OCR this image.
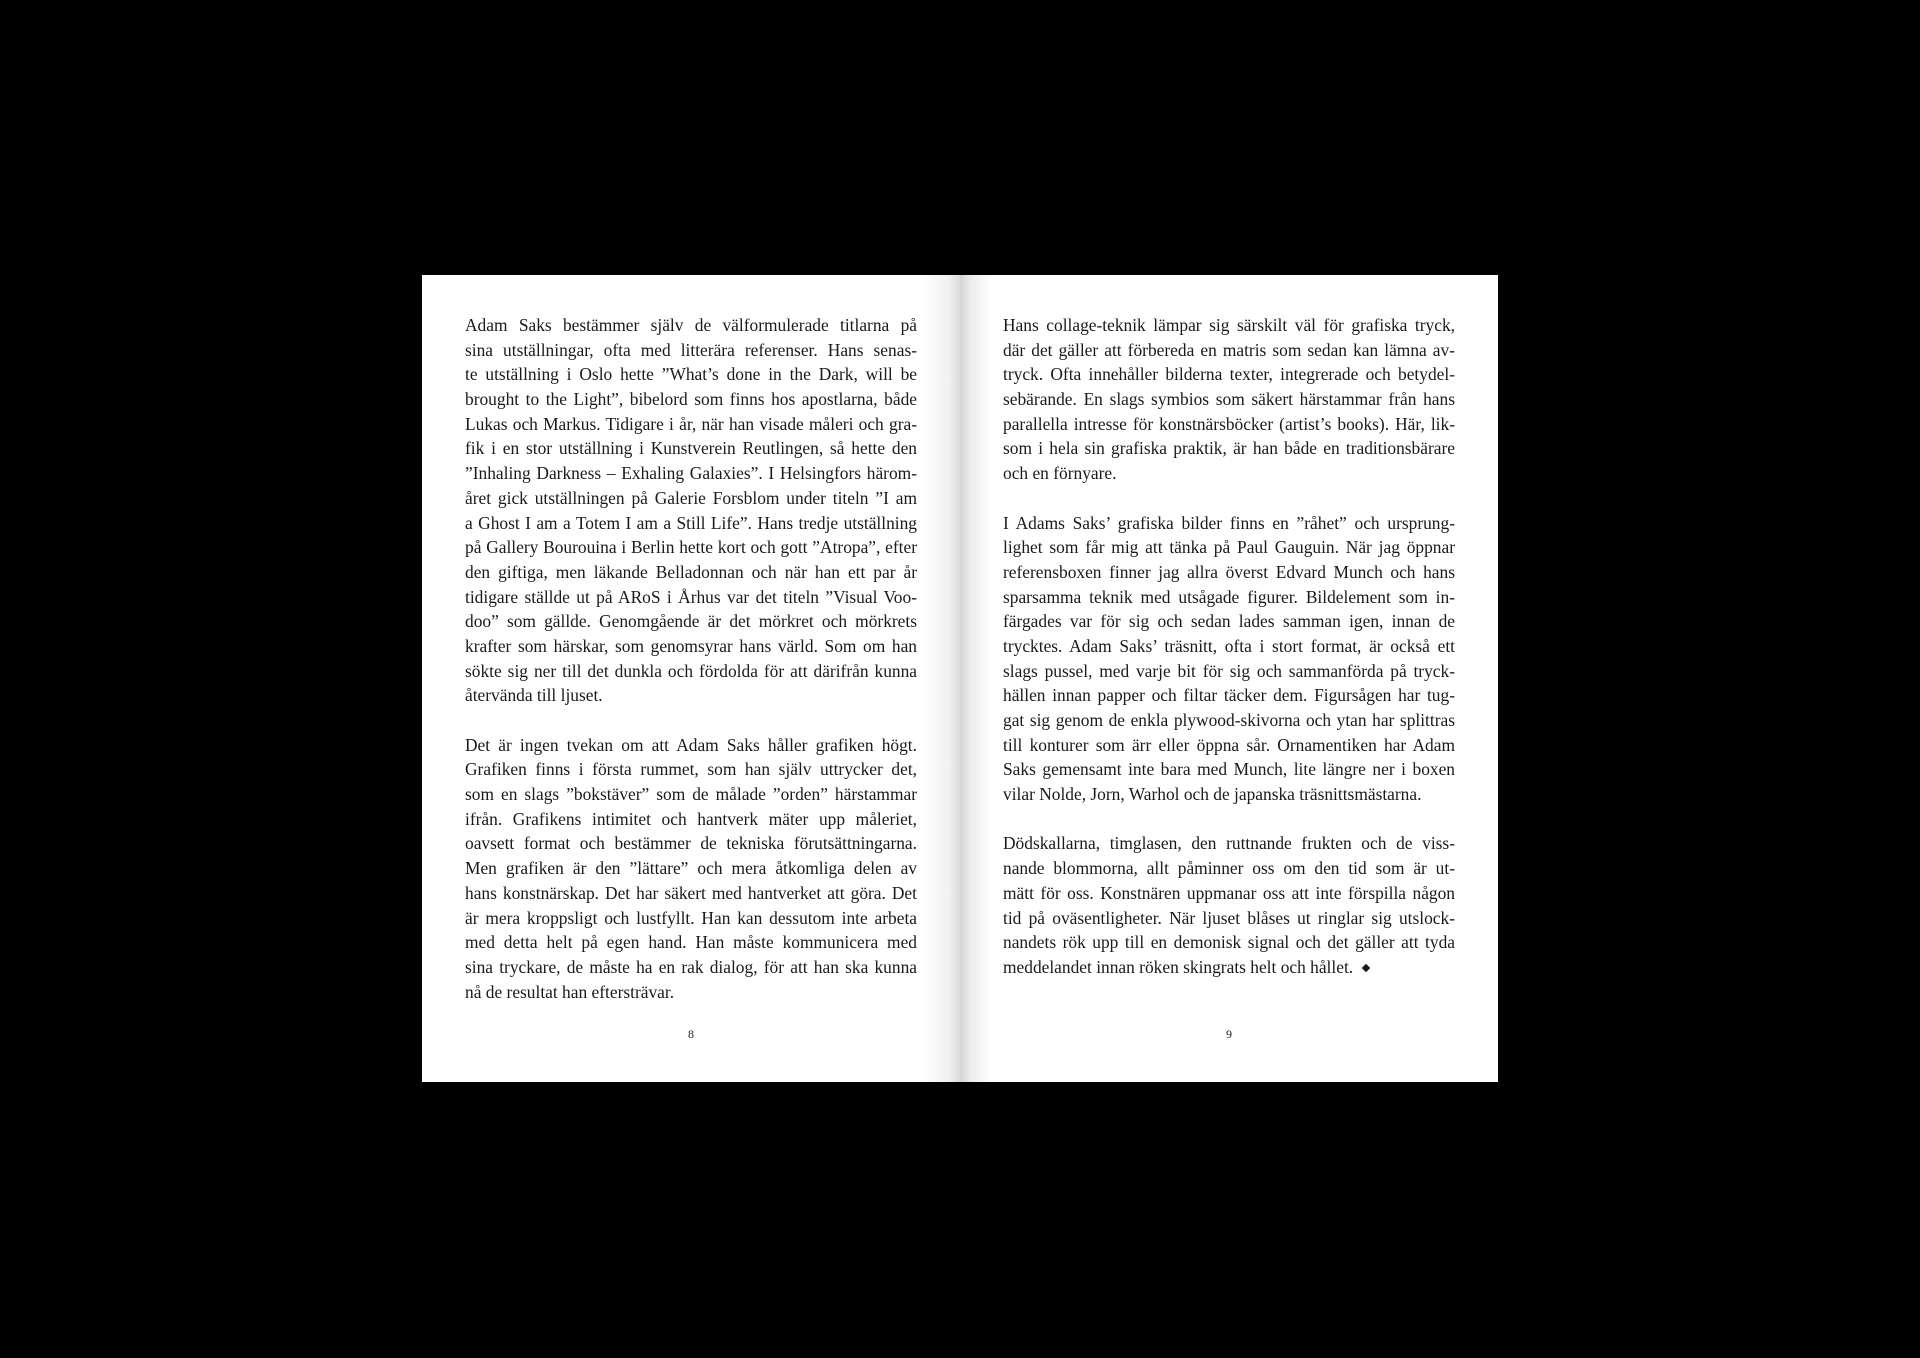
Adam Saks bestämmer själv de välformulerade titlarna på
sina utställningar, ofta med litterära referenser. Hans senas-
te utställning i Oslo hette ”What’s done in the Dark, will be
brought to the Light”, bibelord som finns hos apostlarna, både
Lukas och Markus. Tidigare i år, när han visade måleri och gra-
fik i en stor utställning i Kunstverein Reutlingen, så hette den
”Inhaling Darkness – Exhaling Galaxies”. I Helsingfors härom-
året gick utställningen på Galerie Forsblom under titeln ”I am
a Ghost I am a Totem I am a Still Life”. Hans tredje utställning
på Gallery Bourouina i Berlin hette kort och gott ”Atropa”, efter
den giftiga, men läkande Belladonnan och när han ett par år
tidigare ställde ut på ARoS i Århus var det titeln ”Visual Voo-
doo” som gällde. Genomgående är det mörkret och mörkrets
krafter som härskar, som genomsyrar hans värld. Som om han
sökte sig ner till det dunkla och fördolda för att därifrån kunna
återvända till ljuset.
Det är ingen tvekan om att Adam Saks håller grafiken högt.
Grafiken finns i första rummet, som han själv uttrycker det,
som en slags ”bokstäver” som de målade ”orden” härstammar
ifrån. Grafikens intimitet och hantverk mäter upp måleriet,
oavsett format och bestämmer de tekniska förutsättningarna.
Men grafiken är den ”lättare” och mera åtkomliga delen av
hans konstnärskap. Det har säkert med hantverket att göra. Det
är mera kroppsligt och lustfyllt. Han kan dessutom inte arbeta
med detta helt på egen hand. Han måste kommunicera med
sina tryckare, de måste ha en rak dialog, för att han ska kunna
nå de resultat han eftersträvar.
8
Hans collage-teknik lämpar sig särskilt väl för grafiska tryck,
där det gäller att förbereda en matris som sedan kan lämna av-
tryck. Ofta innehåller bilderna texter, integrerade och betydel-
sebärande. En slags symbios som säkert härstammar från hans
parallella intresse för konstnärsböcker (artist’s books). Här, lik-
som i hela sin grafiska praktik, är han både en traditionsbärare
och en förnyare.
I Adams Saks’ grafiska bilder finns en ”råhet” och ursprung-
lighet som får mig att tänka på Paul Gauguin. När jag öppnar
referensboxen finner jag allra överst Edvard Munch och hans
sparsamma teknik med utsågade figurer. Bildelement som in-
färgades var för sig och sedan lades samman igen, innan de
trycktes. Adam Saks’ träsnitt, ofta i stort format, är också ett
slags pussel, med varje bit för sig och sammanförda på tryck-
hällen innan papper och filtar täcker dem. Figursågen har tug-
gat sig genom de enkla plywood-skivorna och ytan har splittras
till konturer som ärr eller öppna sår. Ornamentiken har Adam
Saks gemensamt inte bara med Munch, lite längre ner i boxen
vilar Nolde, Jorn, Warhol och de japanska träsnittsmästarna.
Dödskallarna, timglasen, den ruttnande frukten och de viss-
nande blommorna, allt påminner oss om den tid som är ut-
mätt för oss. Konstnären uppmanar oss att inte förspilla någon
tid på oväsentligheter. När ljuset blåses ut ringlar sig utslock-
nandets rök upp till en demonisk signal och det gäller att tyda
meddelandet innan röken skingrats helt och hållet.
9
